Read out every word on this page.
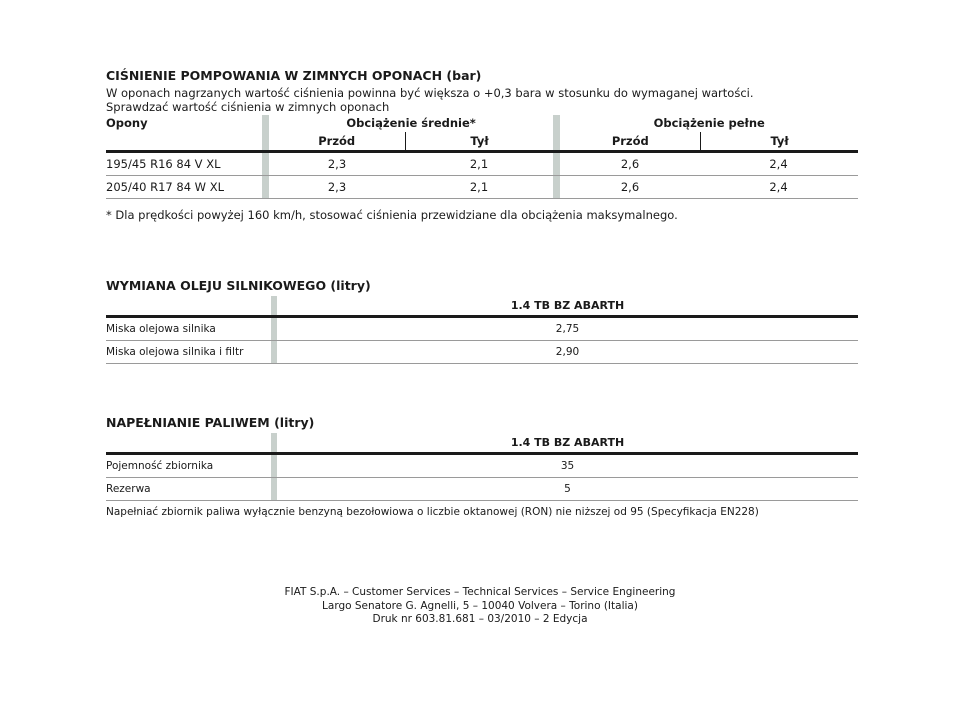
CIŚNIENIE POMPOWANIA W ZIMNYCH OPONACH (bar)

W oponach nagrzanych wartość ciśnienia powinna być większa o +0,3 bara w stosunku do wymaganej wartości.

Sprawdzać wartość ciśnienia w zimnych oponach

Opony	Obciążenie średnie*	Obciążenie pełne
Przód	Tył	Przód	Tył
195/45 R16 84 V XL	2,3	2,1	2,6	2,4
205/40 R17 84 W XL	2,3	2,1	2,6	2,4
* Dla prędkości powyżej 160 km/h, stosować ciśnienia przewidziane dla obciążenia maksymalnego.
WYMIANA OLEJU SILNIKOWEGO (litry)
1.4 TB BZ ABARTH
Miska olejowa silnika	2,75
Miska olejowa silnika i filtr	2,90
NAPEŁNIANIE PALIWEM (litry)
1.4 TB BZ ABARTH
Pojemność zbiornika	35
Rezerwa	5
Napełniać zbiornik paliwa wyłącznie benzyną bezołowiowa o liczbie oktanowej (RON) nie niższej od 95 (Specyfikacja EN228)

FIAT S.p.A. – Customer Services – Technical Services – Service Engineering

Largo Senatore G. Agnelli, 5 – 10040 Volvera – Torino (Italia)

Druk nr 603.81.681 – 03/2010 – 2 Edycja
